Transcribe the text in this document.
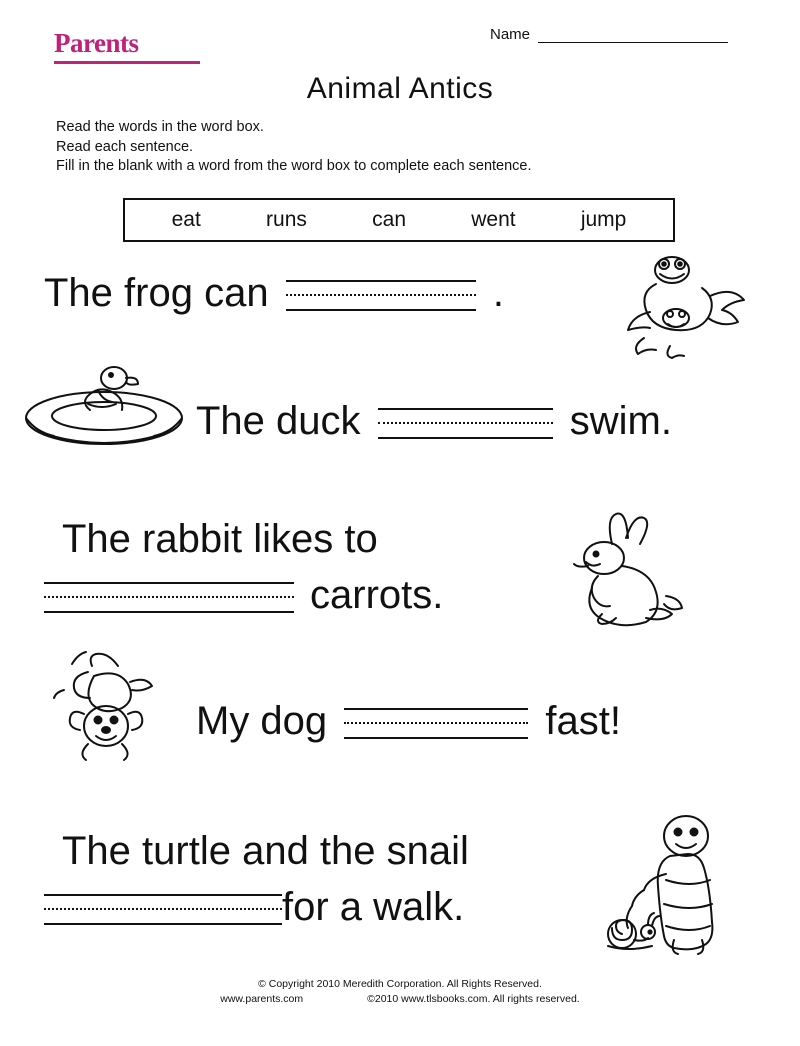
Parents	Name
Animal Antics
Read the words in the word box.
Read each sentence.
Fill in the blank with a word from the word box to complete each sentence.
eat	runs	can	went	jump
The frog can	.
The duck	swim.
The rabbit likes to
carrots.
My dog	fast!
The turtle and the snail
for a walk.
© Copyright 2010 Meredith Corporation. All Rights Reserved.
www.parents.com	©2010 www.tlsbooks.com. All rights reserved.
